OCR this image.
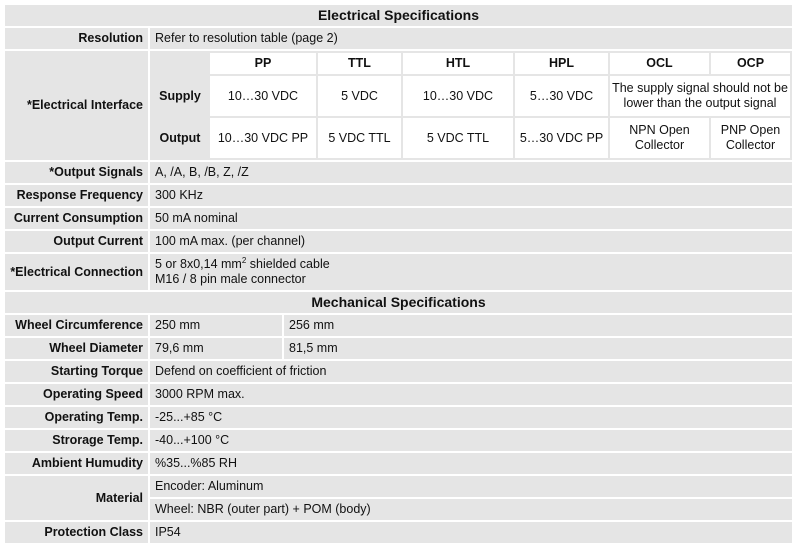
Electrical Specifications
Resolution	Refer to resolution table (page 2)
*Electrical Interface	
	PP	TTL	HTL	HPL	OCL	OCP
Supply	10…30 VDC	5 VDC	10…30 VDC	5…30 VDC	The supply signal should not be lower than the output signal
Output	10…30 VDC PP	5 VDC TTL	5 VDC TTL	5…30 VDC PP	NPN Open Collector	PNP Open Collector

*Output Signals	A, /A, B, /B, Z, /Z
Response Frequency	300 KHz
Current Consumption	50 mA nominal
Output Current	100 mA max. (per channel)
*Electrical Connection	
5 or 8x0,14 $mm^2$ shielded cable
M16 / 8 pin male connector

Mechanical Specifications
Wheel Circumference	250 mm	256 mm

Wheel Diameter	79,6 mm	81,5 mm

Starting Torque	Defend on coefficient of friction
Operating Speed	3000 RPM max.
Operating Temp.	-25...+85 °C
Strorage Temp.	-40...+100 °C
Ambient Humudity	%35...%85 RH
Material	Encoder: Aluminum
Wheel: NBR (outer part) + POM (body)
Protection Class	IP54
